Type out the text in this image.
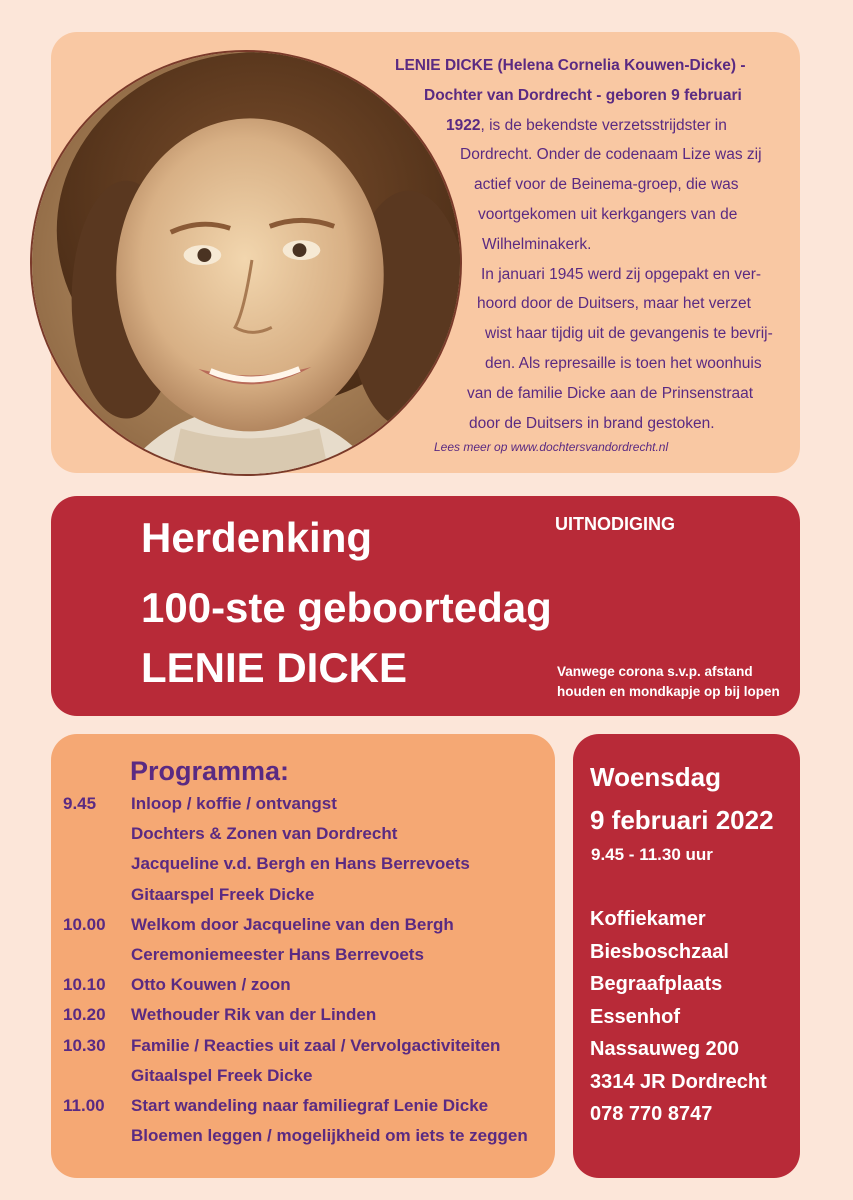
LENIE DICKE (Helena Cornelia Kouwen-Dicke) -
Dochter van Dordrecht - geboren 9 februari
1922, is de bekendste verzetsstrijdster in
Dordrecht. Onder de codenaam Lize was zij
actief voor de Beinema-groep, die was
voortgekomen uit kerkgangers van de
Wilhelminakerk.
In januari 1945 werd zij opgepakt en ver-
hoord door de Duitsers, maar het verzet
wist haar tijdig uit de gevangenis te bevrij-
den. Als represaille is toen het woonhuis
van de familie Dicke aan de Prinsenstraat
door de Duitsers in brand gestoken.
Lees meer op www.dochtersvandordrecht.nl
Herdenking
100-ste geboortedag
LENIE DICKE
UITNODIGING
Vanwege corona s.v.p. afstand
houden en mondkapje op bij lopen
Programma:
9.45 Inloop / koffie / ontvangst
Dochters & Zonen van Dordrecht
Jacqueline v.d. Bergh en Hans Berrevoets
Gitaarspel Freek Dicke
10.00 Welkom door Jacqueline van den Bergh
Ceremoniemeester Hans Berrevoets
10.10 Otto Kouwen / zoon
10.20 Wethouder Rik van der Linden
10.30 Familie / Reacties uit zaal / Vervolgactiviteiten
Gitaalspel Freek Dicke
11.00 Start wandeling naar familiegraf Lenie Dicke
Bloemen leggen / mogelijkheid om iets te zeggen
Woensdag
9 februari 2022
9.45 - 11.30 uur
Koffiekamer
Biesboschzaal
Begraafplaats
Essenhof
Nassauweg 200
3314 JR Dordrecht
078 770 8747
